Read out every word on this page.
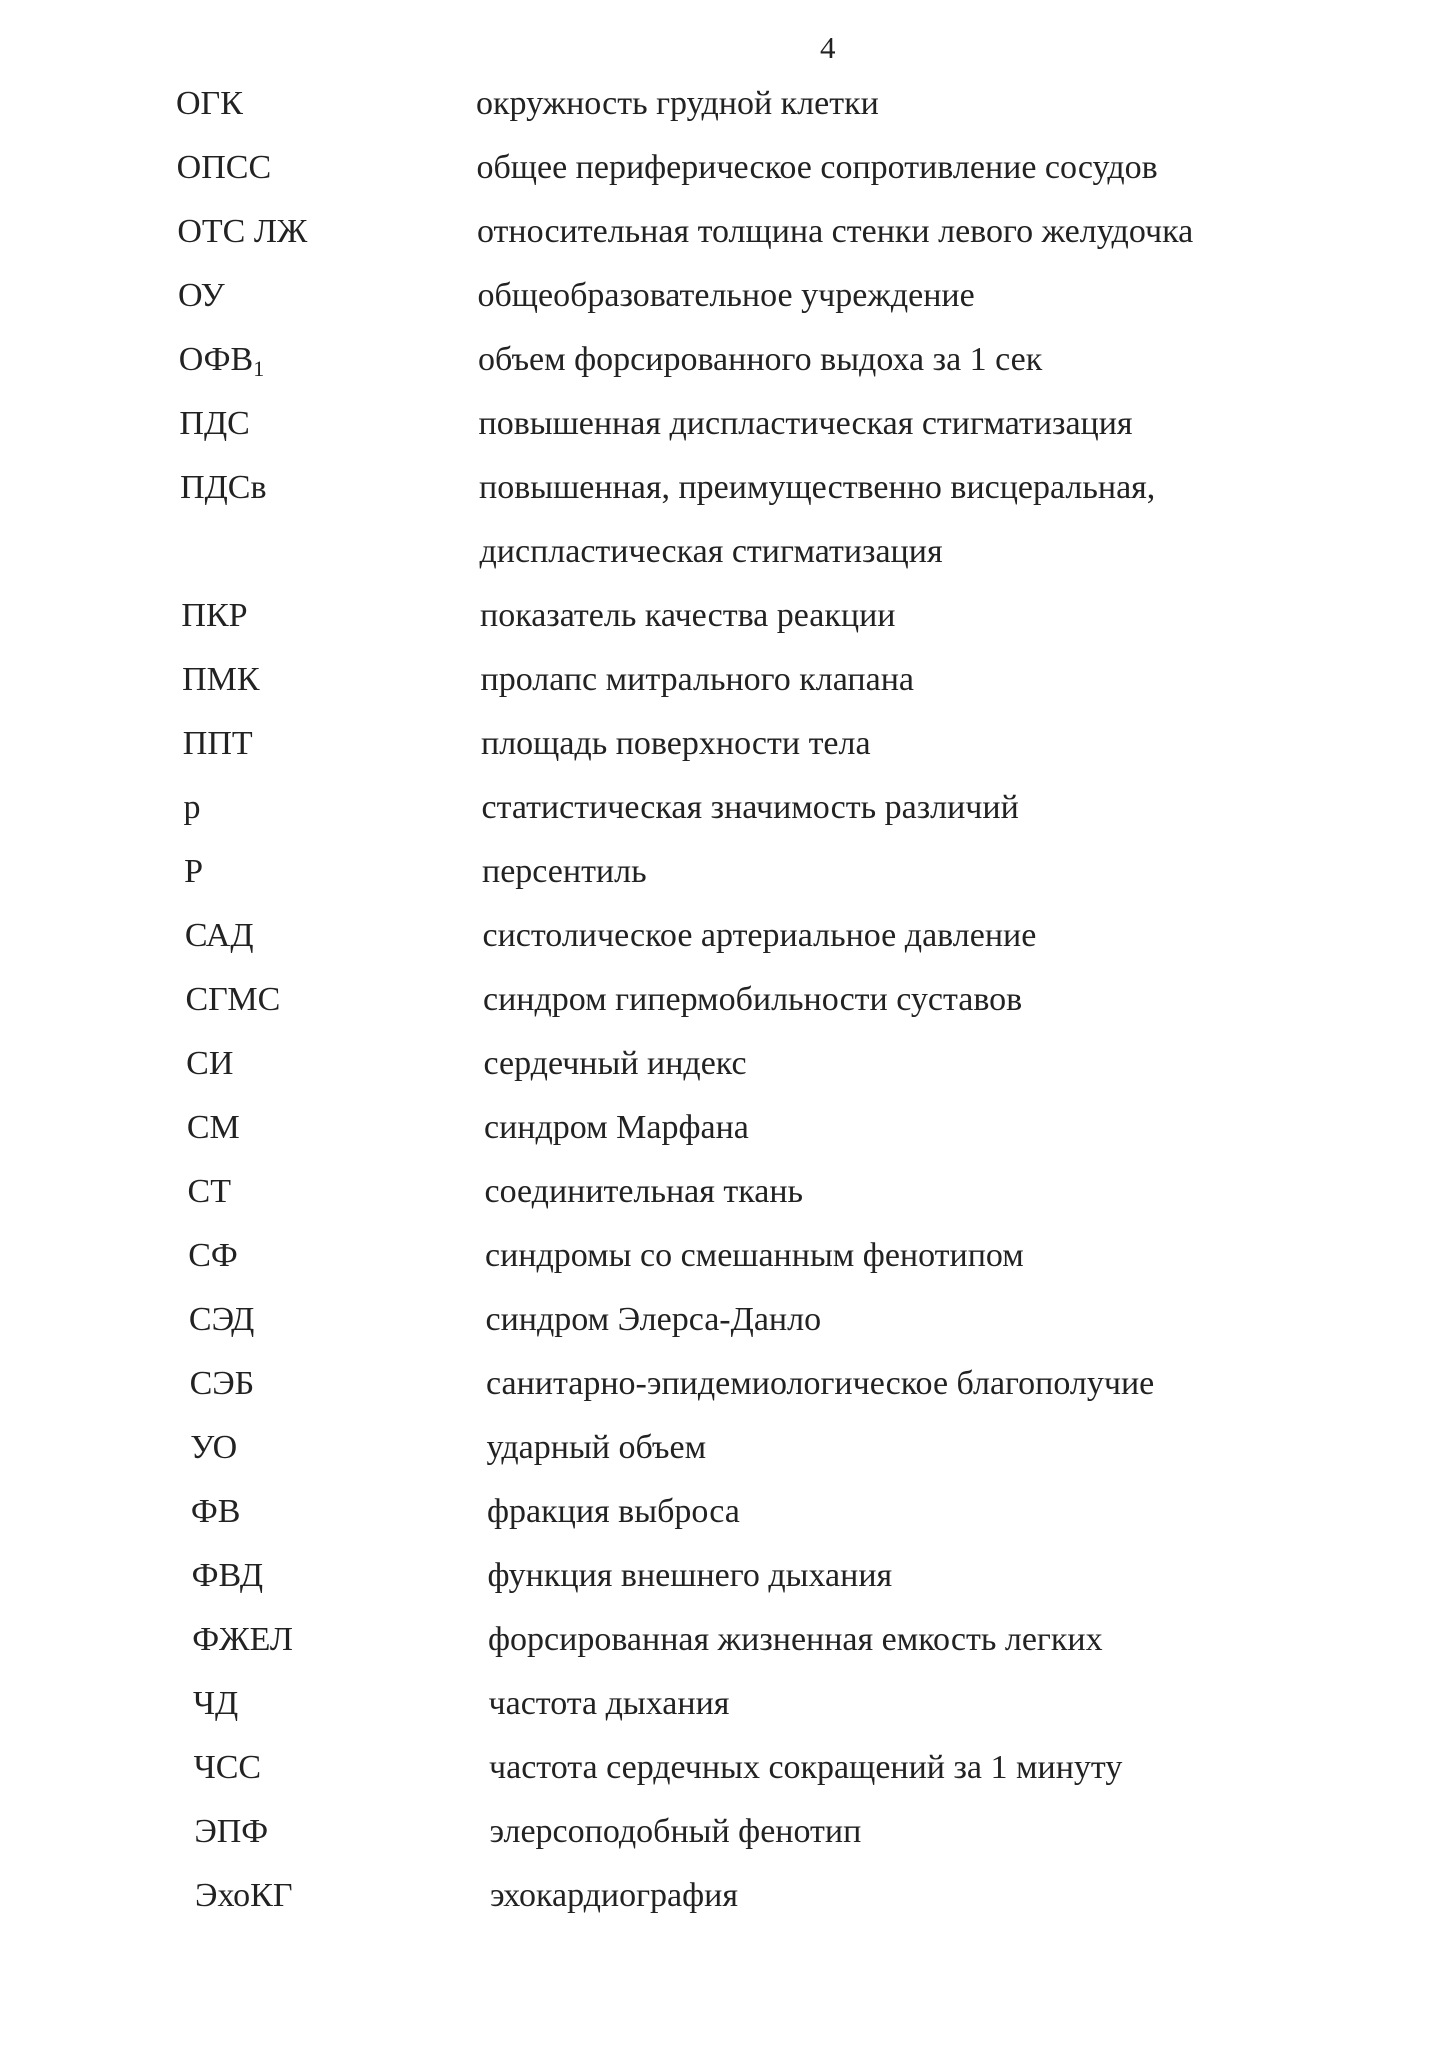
4
ОГК	окружность грудной клетки
ОПСС	общее периферическое сопротивление сосудов
ОТС ЛЖ	относительная толщина стенки левого желудочка
ОУ	общеобразовательное учреждение
$ОФВ_1$	объем форсированного выдоха за 1 сек
ПДС	повышенная диспластическая стигматизация
ПДСв	повышенная, преимущественно висцеральная,
диспластическая стигматизация
ПКР	показатель качества реакции
ПМК	пролапс митрального клапана
ППТ	площадь поверхности тела
p	статистическая значимость различий
P	персентиль
САД	систолическое артериальное давление
СГМС	синдром гипермобильности суставов
СИ	сердечный индекс
СМ	синдром Марфана
СТ	соединительная ткань
СФ	синдромы со смешанным фенотипом
СЭД	синдром Элерса-Данло
СЭБ	санитарно-эпидемиологическое благополучие
УО	ударный объем
ФВ	фракция выброса
ФВД	функция внешнего дыхания
ФЖЕЛ	форсированная жизненная емкость легких
ЧД	частота дыхания
ЧСС	частота сердечных сокращений за 1 минуту
ЭПФ	элерсоподобный фенотип
ЭхоКГ	эхокардиография
